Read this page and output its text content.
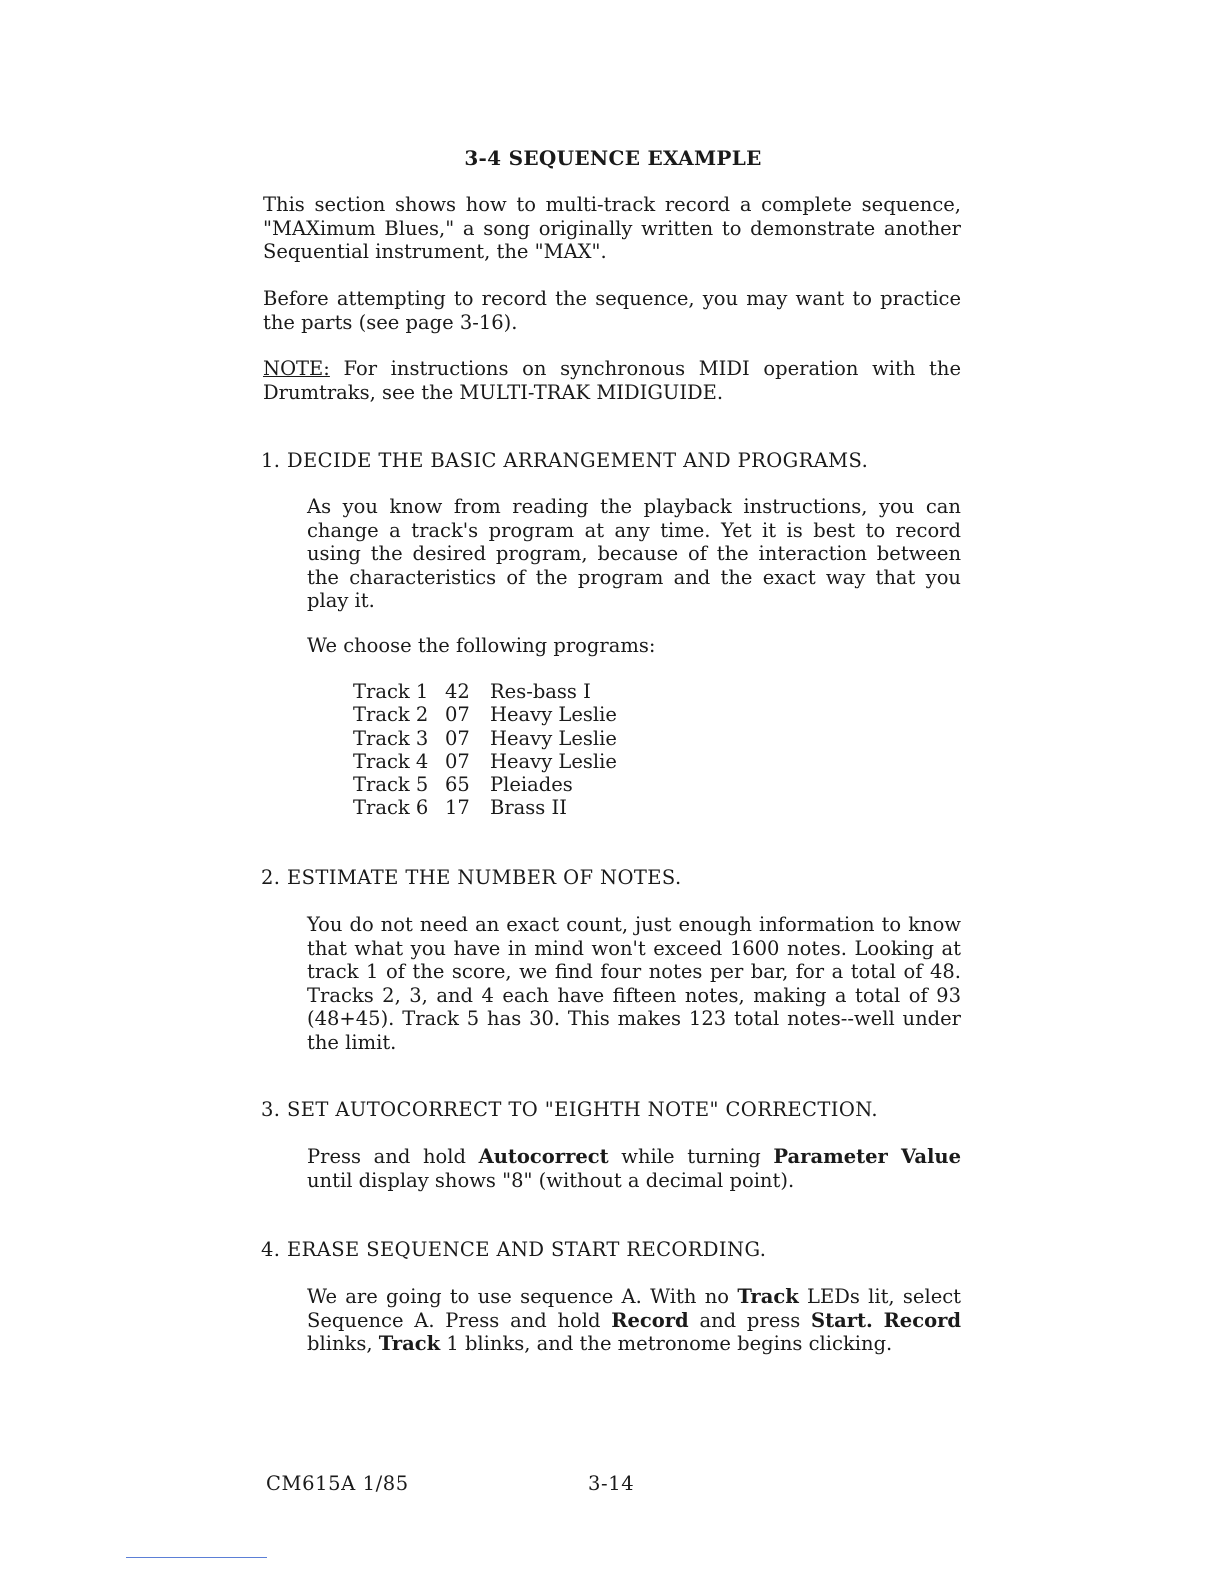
3-4 SEQUENCE EXAMPLE

This section shows how to multi-track record a complete sequence, "MAXimum Blues," a song originally written to demonstrate another Sequential instrument, the "MAX".

Before attempting to record the sequence, you may want to practice the parts (see page 3-16).

NOTE: For instructions on synchronous MIDI operation with the Drumtraks, see the MULTI-TRAK MIDIGUIDE.

1. DECIDE THE BASIC ARRANGEMENT AND PROGRAMS.

As you know from reading the playback instructions, you can change a track's program at any time. Yet it is best to record using the desired program, because of the interaction between the characteristics of the program and the exact way that you play it.

We choose the following programs:

Track 1	42	Res-bass I
Track 2	07	Heavy Leslie
Track 3	07	Heavy Leslie
Track 4	07	Heavy Leslie
Track 5	65	Pleiades
Track 6	17	Brass II

2. ESTIMATE THE NUMBER OF NOTES.

You do not need an exact count, just enough information to know that what you have in mind won't exceed 1600 notes. Looking at track 1 of the score, we find four notes per bar, for a total of 48. Tracks 2, 3, and 4 each have fifteen notes, making a total of 93 (48+45). Track 5 has 30. This makes 123 total notes--well under the limit.

3. SET AUTOCORRECT TO "EIGHTH NOTE" CORRECTION.

Press and hold Autocorrect while turning Parameter Value until display shows "8" (without a decimal point).

4. ERASE SEQUENCE AND START RECORDING.

We are going to use sequence A. With no Track LEDs lit, select Sequence A. Press and hold Record and press Start. Record blinks, Track 1 blinks, and the metronome begins clicking.

CM615A 1/85	3-14
